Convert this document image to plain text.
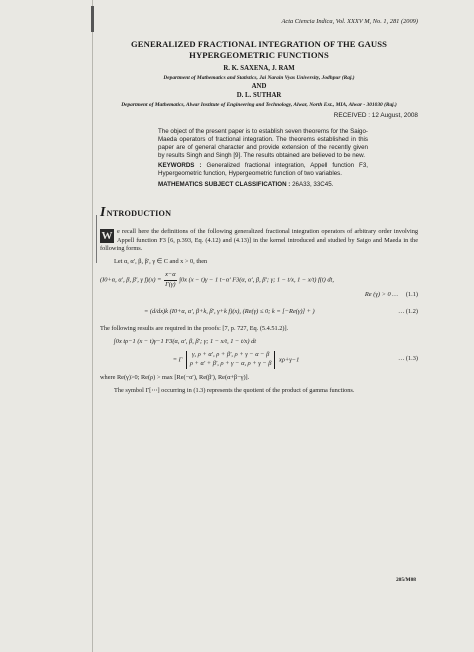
Acta Ciencia Indica, Vol. XXXV M, No. 1, 281 (2009)
GENERALIZED FRACTIONAL INTEGRATION OF THE GAUSS
HYPERGEOMETRIC FUNCTIONS
R. K. SAXENA, J. RAM
Department of Mathematics and Statistics, Jai Narain Vyas University, Jodhpur (Raj.)
AND
D. L. SUTHAR
Department of Mathematics, Alwar Institute of Engineering and Technology, Alwar, North Ext., MIA, Alwar - 301030 (Raj.)
RECEIVED : 12 August, 2008

The object of the present paper is to establish seven theorems for the Saigo-Maeda operators of fractional integration. The theorems established in this paper are of general character and provide extension of the recently given by results Singh and Singh [9]. The results obtained are believed to be new.

KEYWORDS : Generalized fractional integration, Appell function F3, Hypergeometric function, Hypergeometric function of two variables.

MATHEMATICS SUBJECT CLASSIFICATION : 26A33, 33C45.

I NTRODUCTION

W e recall here the definitions of the following generalized fractional integration operators of arbitrary order involving Appell function F3 [6, p.393, Eq. (4.12) and (4.13)] in the kernel introduced and studied by Saigo and Maeda in the following forms.

Let α, α′, β, β′, γ ∈ C and x > 0, then

(I0+α, α′, β, β′, γ $f)(x) = \frac{x-\alpha}{\Gamma(\gamma)} \int 0x$ (x − t)γ − 1 t−α′ F3(α, α′, β, β′; γ; 1 − t/x, 1 − x/t) f(t) dt,
Re (γ) > 0 …	(1.1)
= (d/dx)k (I0+α, α′, β+k, β′, γ+k f)(x), (Re(γ) ≤ 0; k = [−Re(γ)] + )	… (1.2)

The following results are required in the proofs: [7, p. 727, Eq. (5.4.51.2)].

∫0x tρ−1 (x − t)γ−1 F3(α, α′, β, β′; γ; 1 − x/t, 1 − t/x) dt
= Γ
γ, ρ + α′, ρ + β′, ρ + γ − α − β
ρ + α′ + β′, ρ + γ − α, ρ + γ − β
xρ+γ−1	… (1.3)

where Re(γ)>0; Re(ρ) > max [Re(−α′), Re(β′), Re(α+β−γ)].

The symbol Γ[⋯] occurring in (1.3) represents the quotient of the product of gamma functions.

205/M08
